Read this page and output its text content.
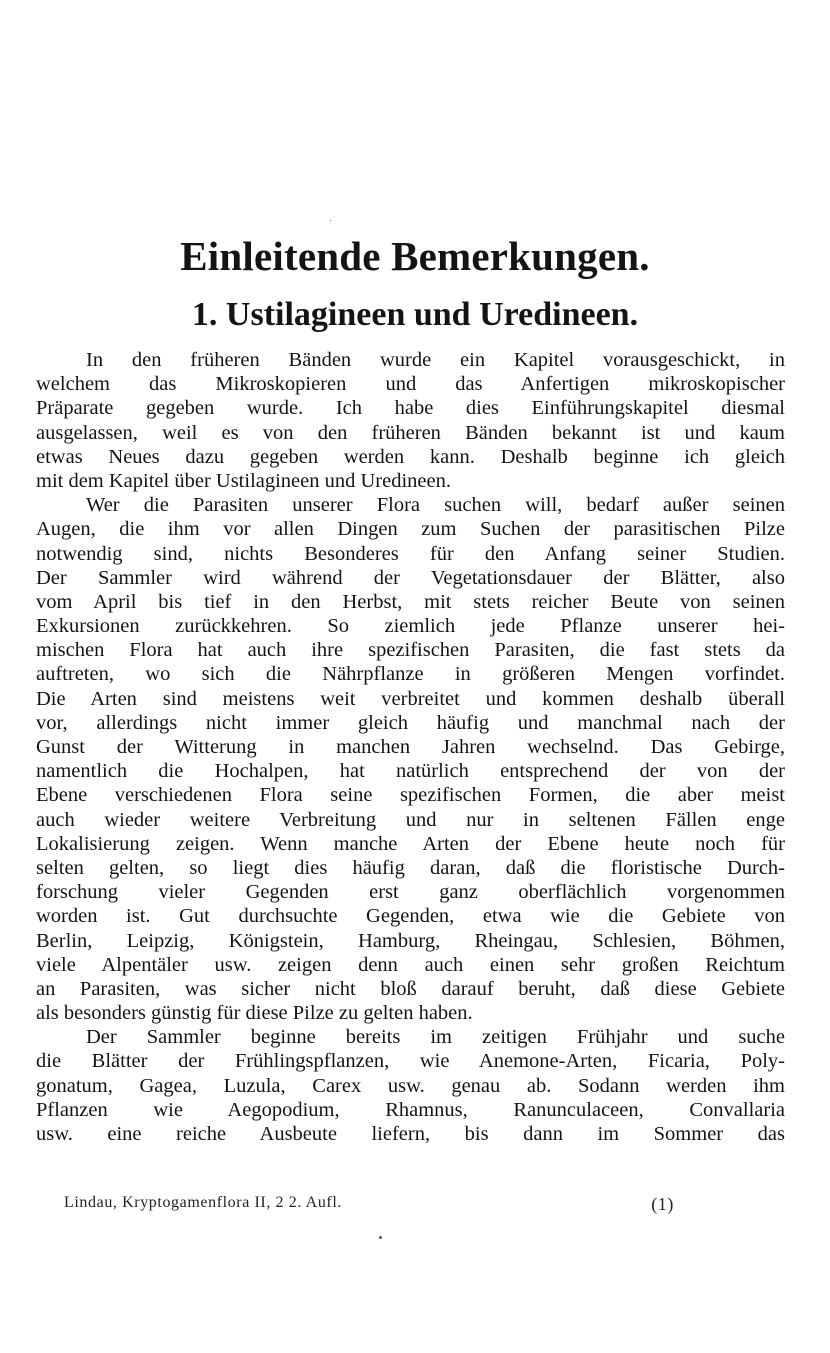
Einleitende Bemerkungen.
1. Ustilagineen und Uredineen.
In den früheren Bänden wurde ein Kapitel vorausgeschickt, in
welchem das Mikroskopieren und das Anfertigen mikroskopischer
Präparate gegeben wurde. Ich habe dies Einführungskapitel diesmal
ausgelassen, weil es von den früheren Bänden bekannt ist und kaum
etwas Neues dazu gegeben werden kann. Deshalb beginne ich gleich
mit dem Kapitel über Ustilagineen und Uredineen.
Wer die Parasiten unserer Flora suchen will, bedarf außer seinen
Augen, die ihm vor allen Dingen zum Suchen der parasitischen Pilze
notwendig sind, nichts Besonderes für den Anfang seiner Studien.
Der Sammler wird während der Vegetationsdauer der Blätter, also
vom April bis tief in den Herbst, mit stets reicher Beute von seinen
Exkursionen zurückkehren. So ziemlich jede Pflanze unserer hei-
mischen Flora hat auch ihre spezifischen Parasiten, die fast stets da
auftreten, wo sich die Nährpflanze in größeren Mengen vorfindet.
Die Arten sind meistens weit verbreitet und kommen deshalb überall
vor, allerdings nicht immer gleich häufig und manchmal nach der
Gunst der Witterung in manchen Jahren wechselnd. Das Gebirge,
namentlich die Hochalpen, hat natürlich entsprechend der von der
Ebene verschiedenen Flora seine spezifischen Formen, die aber meist
auch wieder weitere Verbreitung und nur in seltenen Fällen enge
Lokalisierung zeigen. Wenn manche Arten der Ebene heute noch für
selten gelten, so liegt dies häufig daran, daß die floristische Durch-
forschung vieler Gegenden erst ganz oberflächlich vorgenommen
worden ist. Gut durchsuchte Gegenden, etwa wie die Gebiete von
Berlin, Leipzig, Königstein, Hamburg, Rheingau, Schlesien, Böhmen,
viele Alpentäler usw. zeigen denn auch einen sehr großen Reichtum
an Parasiten, was sicher nicht bloß darauf beruht, daß diese Gebiete
als besonders günstig für diese Pilze zu gelten haben.
Der Sammler beginne bereits im zeitigen Frühjahr und suche
die Blätter der Frühlingspflanzen, wie Anemone-Arten, Ficaria, Poly-
gonatum, Gagea, Luzula, Carex usw. genau ab. Sodann werden ihm
Pflanzen wie Aegopodium, Rhamnus, Ranunculaceen, Convallaria
usw. eine reiche Ausbeute liefern, bis dann im Sommer das
Lindau, Kryptogamenflora II, 2 2. Aufl.	(1)
